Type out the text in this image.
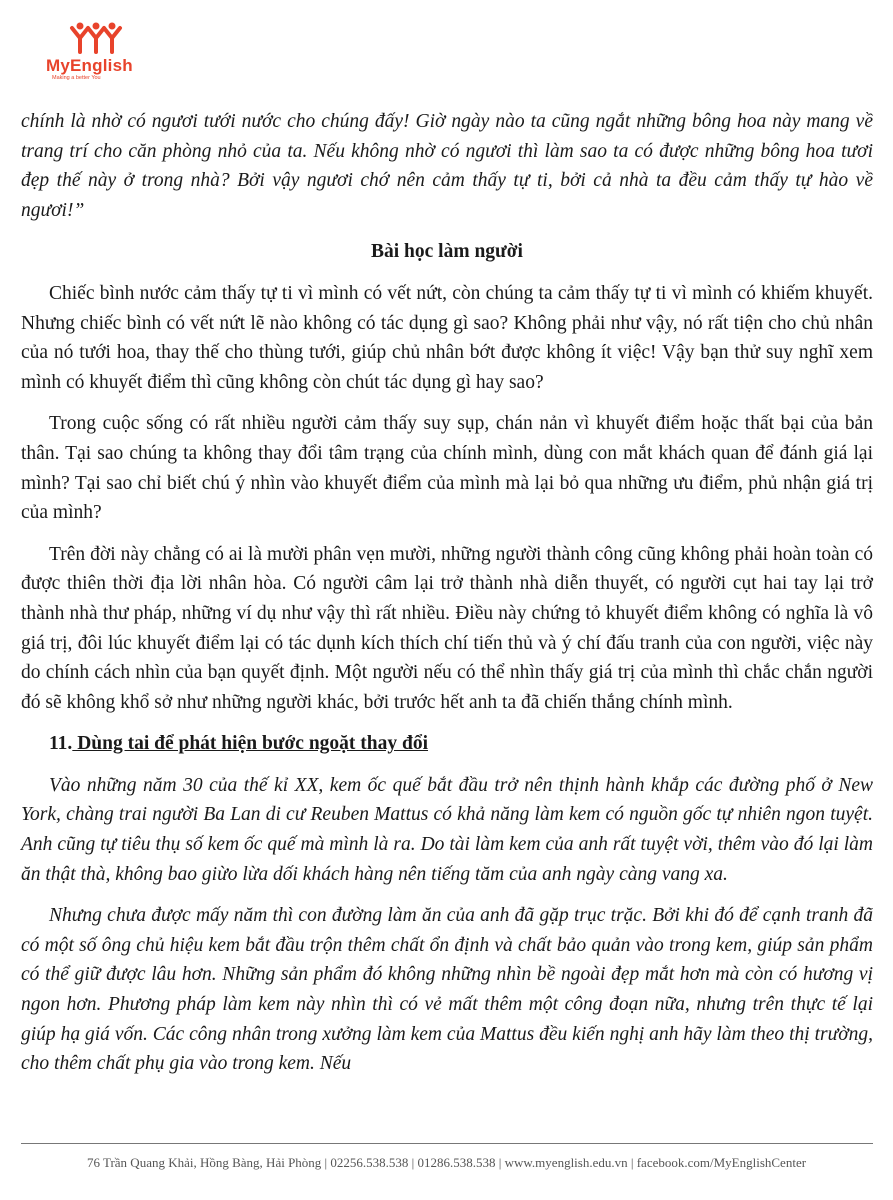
MyEnglish
Making a better You

chính là nhờ có ngươi tưới nước cho chúng đấy! Giờ ngày nào ta cũng ngắt những bông hoa này mang về trang trí cho căn phòng nhỏ của ta. Nếu không nhờ có ngươi thì làm sao ta có được những bông hoa tươi đẹp thế này ở trong nhà? Bởi vậy ngươi chớ nên cảm thấy tự ti, bởi cả nhà ta đều cảm thấy tự hào về ngươi!”

Bài học làm người

Chiếc bình nước cảm thấy tự ti vì mình có vết nứt, còn chúng ta cảm thấy tự ti vì mình có khiếm khuyết. Nhưng chiếc bình có vết nứt lẽ nào không có tác dụng gì sao? Không phải như vậy, nó rất tiện cho chủ nhân của nó tưới hoa, thay thế cho thùng tưới, giúp chủ nhân bớt được không ít việc! Vậy bạn thử suy nghĩ xem mình có khuyết điểm thì cũng không còn chút tác dụng gì hay sao?

Trong cuộc sống có rất nhiều người cảm thấy suy sụp, chán nản vì khuyết điểm hoặc thất bại của bản thân. Tại sao chúng ta không thay đổi tâm trạng của chính mình, dùng con mắt khách quan để đánh giá lại mình? Tại sao chỉ biết chú ý nhìn vào khuyết điểm của mình mà lại bỏ qua những ưu điểm, phủ nhận giá trị của mình?

Trên đời này chẳng có ai là mười phân vẹn mười, những người thành công cũng không phải hoàn toàn có được thiên thời địa lời nhân hòa. Có người câm lại trở thành nhà diễn thuyết, có người cụt hai tay lại trở thành nhà thư pháp, những ví dụ như vậy thì rất nhiều. Điều này chứng tỏ khuyết điểm không có nghĩa là vô giá trị, đôi lúc khuyết điểm lại có tác dụnh kích thích chí tiến thủ và ý chí đấu tranh của con người, việc này do chính cách nhìn của bạn quyết định. Một người nếu có thể nhìn thấy giá trị của mình thì chắc chắn người đó sẽ không khổ sở như những người khác, bởi trước hết anh ta đã chiến thắng chính mình.

11. Dùng tai để phát hiện bước ngoặt thay đổi

Vào những năm 30 của thế kỉ XX, kem ốc quế bắt đầu trở nên thịnh hành khắp các đường phố ở New York, chàng trai người Ba Lan di cư Reuben Mattus có khả năng làm kem có nguồn gốc tự nhiên ngon tuyệt. Anh cũng tự tiêu thụ số kem ốc quế mà mình là ra. Do tài làm kem của anh rất tuyệt vời, thêm vào đó lại làm ăn thật thà, không bao giừo lừa dối khách hàng nên tiếng tăm của anh ngày càng vang xa.

Nhưng chưa được mấy năm thì con đường làm ăn của anh đã gặp trục trặc. Bởi khi đó để cạnh tranh đã có một số ông chủ hiệu kem bắt đầu trộn thêm chất ổn định và chất bảo quản vào trong kem, giúp sản phẩm có thể giữ được lâu hơn. Những sản phẩm đó không những nhìn bề ngoài đẹp mắt hơn mà còn có hương vị ngon hơn. Phương pháp làm kem này nhìn thì có vẻ mất thêm một công đoạn nữa, nhưng trên thực tế lại giúp hạ giá vốn. Các công nhân trong xưởng làm kem của Mattus đều kiến nghị anh hãy làm theo thị trường, cho thêm chất phụ gia vào trong kem. Nếu

76 Trần Quang Khải, Hồng Bàng, Hải Phòng | 02256.538.538 | 01286.538.538 | www.myenglish.edu.vn | facebook.com/MyEnglishCenter
